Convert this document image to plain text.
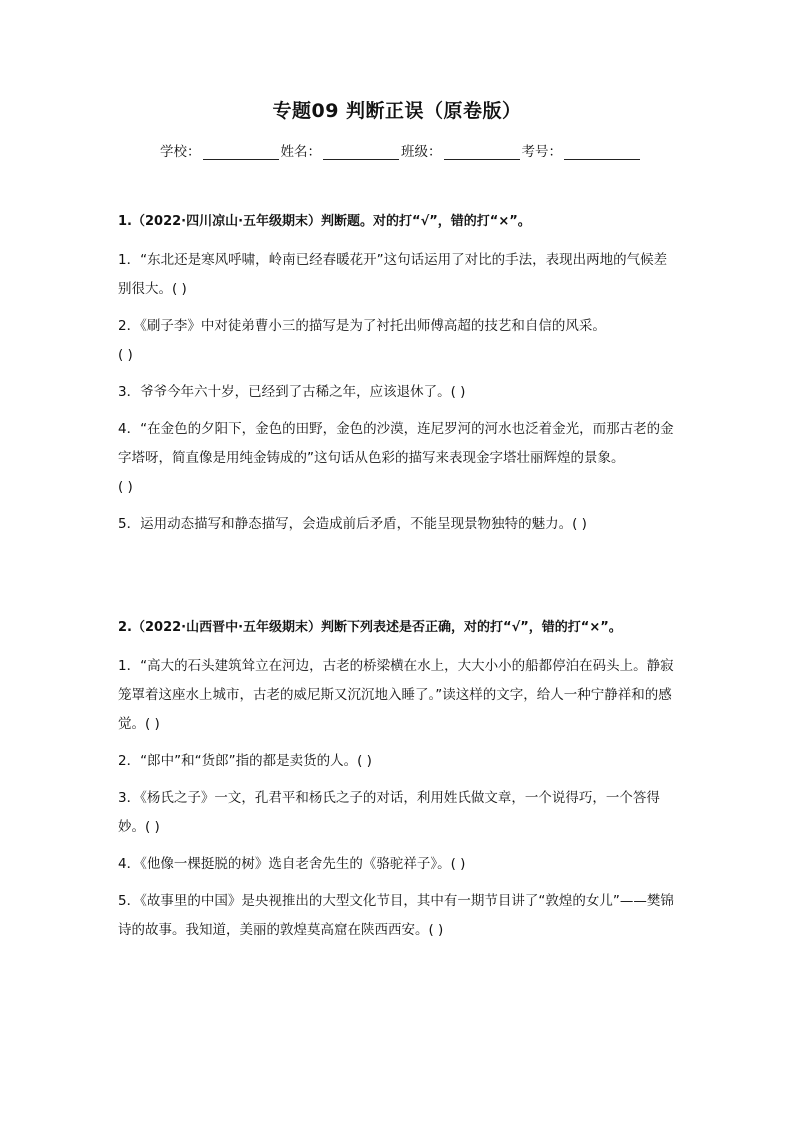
专题09 判断正误（原卷版）
学校：	姓名：	班级：	考号：
1.（2022·四川凉山·五年级期末）判断题。对的打“√”，错的打“×”。
1．“东北还是寒风呼啸，岭南已经春暖花开”这句话运用了对比的手法，表现出两地的气候差别很大。( )
2．《刷子李》中对徒弟曹小三的描写是为了衬托出师傅高超的技艺和自信的风采。
( )
3．爷爷今年六十岁，已经到了古稀之年，应该退休了。( )
4．“在金色的夕阳下，金色的田野，金色的沙漠，连尼罗河的河水也泛着金光，而那古老的金字塔呀，简直像是用纯金铸成的”这句话从色彩的描写来表现金字塔壮丽辉煌的景象。
( )
5．运用动态描写和静态描写，会造成前后矛盾，不能呈现景物独特的魅力。( )
2.（2022·山西晋中·五年级期末）判断下列表述是否正确，对的打“√”，错的打“×”。
1．“高大的石头建筑耸立在河边，古老的桥梁横在水上，大大小小的船都停泊在码头上。静寂笼罩着这座水上城市，古老的威尼斯又沉沉地入睡了。”读这样的文字，给人一种宁静祥和的感觉。( )
2．“郎中”和“货郎”指的都是卖货的人。( )
3．《杨氏之子》一文，孔君平和杨氏之子的对话，利用姓氏做文章，一个说得巧，一个答得妙。( )
4．《他像一棵挺脱的树》选自老舍先生的《骆驼祥子》。( )
5．《故事里的中国》是央视推出的大型文化节目，其中有一期节目讲了“敦煌的女儿”——樊锦诗的故事。我知道，美丽的敦煌莫高窟在陕西西安。( )
